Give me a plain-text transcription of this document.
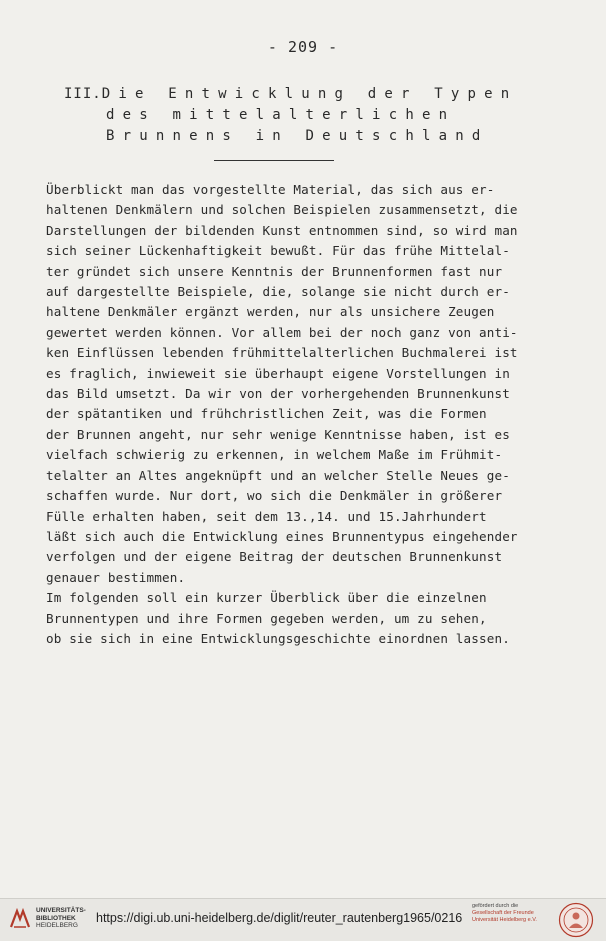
- 209 -
III. Die Entwicklung der Typen
des mittelalterlichen
Brunnens in Deutschland
Überblickt man das vorgestellte Material, das sich aus er-
haltenen Denkmälern und solchen Beispielen zusammensetzt, die
Darstellungen der bildenden Kunst entnommen sind, so wird man
sich seiner Lückenhaftigkeit bewußt. Für das frühe Mittelal-
ter gründet sich unsere Kenntnis der Brunnenformen fast nur
auf dargestellte Beispiele, die, solange sie nicht durch er-
haltene Denkmäler ergänzt werden, nur als unsichere Zeugen
gewertet werden können. Vor allem bei der noch ganz von anti-
ken Einflüssen lebenden frühmittelalterlichen Buchmalerei ist
es fraglich, inwieweit sie überhaupt eigene Vorstellungen in
das Bild umsetzt. Da wir von der vorhergehenden Brunnenkunst
der spätantiken und frühchristlichen Zeit, was die Formen
der Brunnen angeht, nur sehr wenige Kenntnisse haben, ist es
vielfach schwierig zu erkennen, in welchem Maße im Frühmit-
telalter an Altes angeknüpft und an welcher Stelle Neues ge-
schaffen wurde. Nur dort, wo sich die Denkmäler in größerer
Fülle erhalten haben, seit dem 13.,14. und 15.Jahrhundert
läßt sich auch die Entwicklung eines Brunnentypus eingehender
verfolgen und der eigene Beitrag der deutschen Brunnenkunst
genauer bestimmen.
Im folgenden soll ein kurzer Überblick über die einzelnen
Brunnentypen und ihre Formen gegeben werden, um zu sehen,
ob sie sich in eine Entwicklungsgeschichte einordnen lassen.
UNIVERSITÄTS-
BIBLIOTHEK
HEIDELBERG
https://digi.ub.uni-heidelberg.de/diglit/reuter_rautenberg1965/0216
gefördert durch die
Gesellschaft der Freunde
Universität Heidelberg e.V.
